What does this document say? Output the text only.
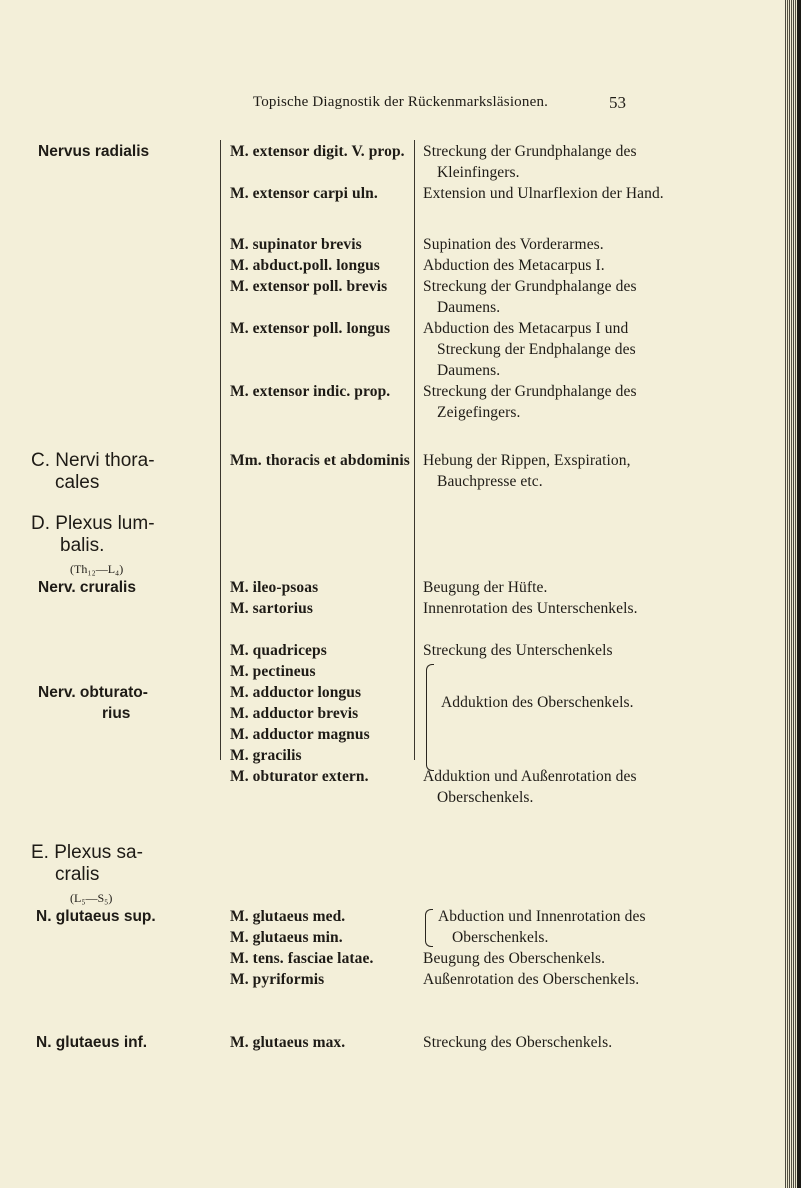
Topische Diagnostik der Rückenmarksläsionen.	53
Nervus radialis
C. Nervi thora-
cales
D. Plexus lum-
balis.
(Th₁₂—L₄)
Nerv. cruralis
Nerv. obturato-
rius
E. Plexus sa-
cralis
(L₅—S₅)
N. glutaeus sup.
N. glutaeus inf.
M. extensor digit. V. prop.
M. extensor carpi uln.
M. supinator brevis
M. abduct.poll. longus
M. extensor poll. brevis
M. extensor poll. longus
M. extensor indic. prop.
Mm. thoracis et abdominis
M. ileo-psoas
M. sartorius
M. quadriceps
M. pectineus
M. adductor longus
M. adductor brevis
M. adductor magnus
M. gracilis
M. obturator extern.
M. glutaeus med.
M. glutaeus min.
M. tens. fasciae latae.
M. pyriformis
M. glutaeus max.
Streckung der Grundphalange des Kleinfingers.
Extension und Ulnarflexion der Hand.
Supination des Vorderarmes.
Abduction des Metacarpus I.
Streckung der Grundphalange des Daumens.
Abduction des Metacarpus I und Streckung der Endphalange des Daumens.
Streckung der Grundphalange des Zeigefingers.
Hebung der Rippen, Exspiration, Bauchpresse etc.
Beugung der Hüfte.
Innenrotation des Unterschenkels.
Streckung des Unterschenkels
Adduktion des Oberschenkels.
Adduktion und Außenrotation des Oberschenkels.
Abduction und Innenrotation des Oberschenkels.
Beugung des Oberschenkels.
Außenrotation des Oberschenkels.
Streckung des Oberschenkels.
